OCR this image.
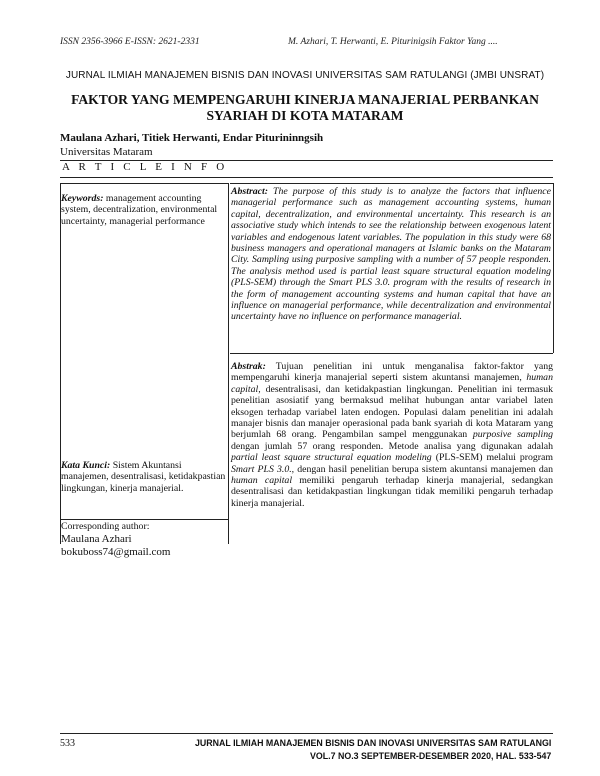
ISSN 2356-3966 E-ISSN: 2621-2331	M. Azhari, T. Herwanti, E. Piturinigsih Faktor Yang ....
JURNAL ILMIAH MANAJEMEN BISNIS DAN INOVASI UNIVERSITAS SAM RATULANGI (JMBI UNSRAT)
FAKTOR YANG MEMPENGARUHI KINERJA MANAJERIAL PERBANKAN
SYARIAH DI KOTA MATARAM
Maulana Azhari, Titiek Herwanti, Endar Piturininngsih
Universitas Mataram
A R T I C L E I N F O
Keywords: management accounting system, decentralization, environmental uncertainty, managerial performance
Kata Kunci: Sistem Akuntansi manajemen, desentralisasi, ketidakpastian lingkungan, kinerja manajerial.
Corresponding author:
Maulana Azhari
bokuboss74@gmail.com
Abstract: The purpose of this study is to analyze the factors that influence managerial performance such as management accounting systems, human capital, decentralization, and environmental uncertainty. This research is an associative study which intends to see the relationship between exogenous latent variables and endogenous latent variables. The population in this study were 68 business managers and operational managers at Islamic banks on the Mataram City. Sampling using purposive sampling with a number of 57 people responden. The analysis method used is partial least square structural equation modeling (PLS-SEM) through the Smart PLS 3.0. program with the results of research in the form of management accounting systems and human capital that have an influence on managerial performance, while decentralization and environmental uncertainty have no influence on performance managerial.
Abstrak: Tujuan penelitian ini untuk menganalisa faktor-faktor yang mempengaruhi kinerja manajerial seperti sistem akuntansi manajemen, human capital, desentralisasi, dan ketidakpastian lingkungan. Penelitian ini termasuk penelitian asosiatif yang bermaksud melihat hubungan antar variabel laten eksogen terhadap variabel laten endogen. Populasi dalam penelitian ini adalah manajer bisnis dan manajer operasional pada bank syariah di kota Mataram yang berjumlah 68 orang. Pengambilan sampel menggunakan purposive sampling dengan jumlah 57 orang responden. Metode analisa yang digunakan adalah partial least square structural equation modeling (PLS-SEM) melalui program Smart PLS 3.0., dengan hasil penelitian berupa sistem akuntansi manajemen dan human capital memiliki pengaruh terhadap kinerja manajerial, sedangkan desentralisasi dan ketidakpastian lingkungan tidak memiliki pengaruh terhadap kinerja manajerial.
533	JURNAL ILMIAH MANAJEMEN BISNIS DAN INOVASI UNIVERSITAS SAM RATULANGI
VOL.7 NO.3 SEPTEMBER-DESEMBER 2020, HAL. 533-547
